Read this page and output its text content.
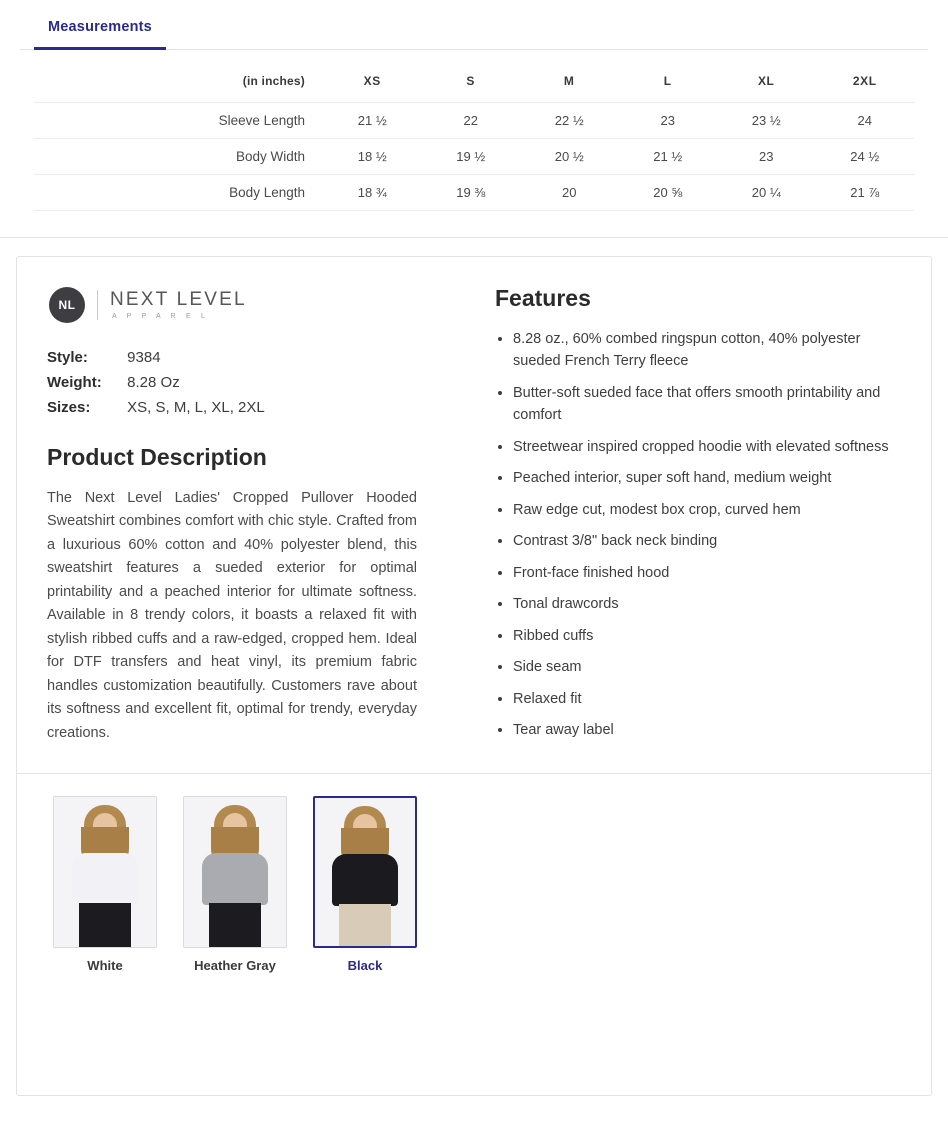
Measurements
(in inches)	XS	S	M	L	XL	2XL
Sleeve Length	21 ½	22	22 ½	23	23 ½	24
Body Width	18 ½	19 ½	20 ½	21 ½	23	24 ½
Body Length	18 ¾	19 ⅜	20	20 ⅝	20 ¼	21 ⅞
NL	NEXT LEVEL
A P P A R E L
Style:	9384
Weight: 8.28 Oz
Sizes: XS, S, M, L, XL, 2XL
Product Description

The Next Level Ladies' Cropped Pullover Hooded Sweatshirt combines comfort with chic style. Crafted from a luxurious 60% cotton and 40% polyester blend, this sweatshirt features a sueded exterior for optimal printability and a peached interior for ultimate softness. Available in 8 trendy colors, it boasts a relaxed fit with stylish ribbed cuffs and a raw-edged, cropped hem. Ideal for DTF transfers and heat vinyl, its premium fabric handles customization beautifully. Customers rave about its softness and excellent fit, optimal for trendy, everyday creations.

Features
• 8.28 oz., 60% combed ringspun cotton, 40% polyester sueded French Terry fleece
• Butter-soft sueded face that offers smooth printability and comfort
• Streetwear inspired cropped hoodie with elevated softness
• Peached interior, super soft hand, medium weight
• Raw edge cut, modest box crop, curved hem
• Contrast 3/8" back neck binding
• Front-face finished hood
• Tonal drawcords
• Ribbed cuffs
• Side seam
• Relaxed fit
• Tear away label
White	Heather Gray	Black
